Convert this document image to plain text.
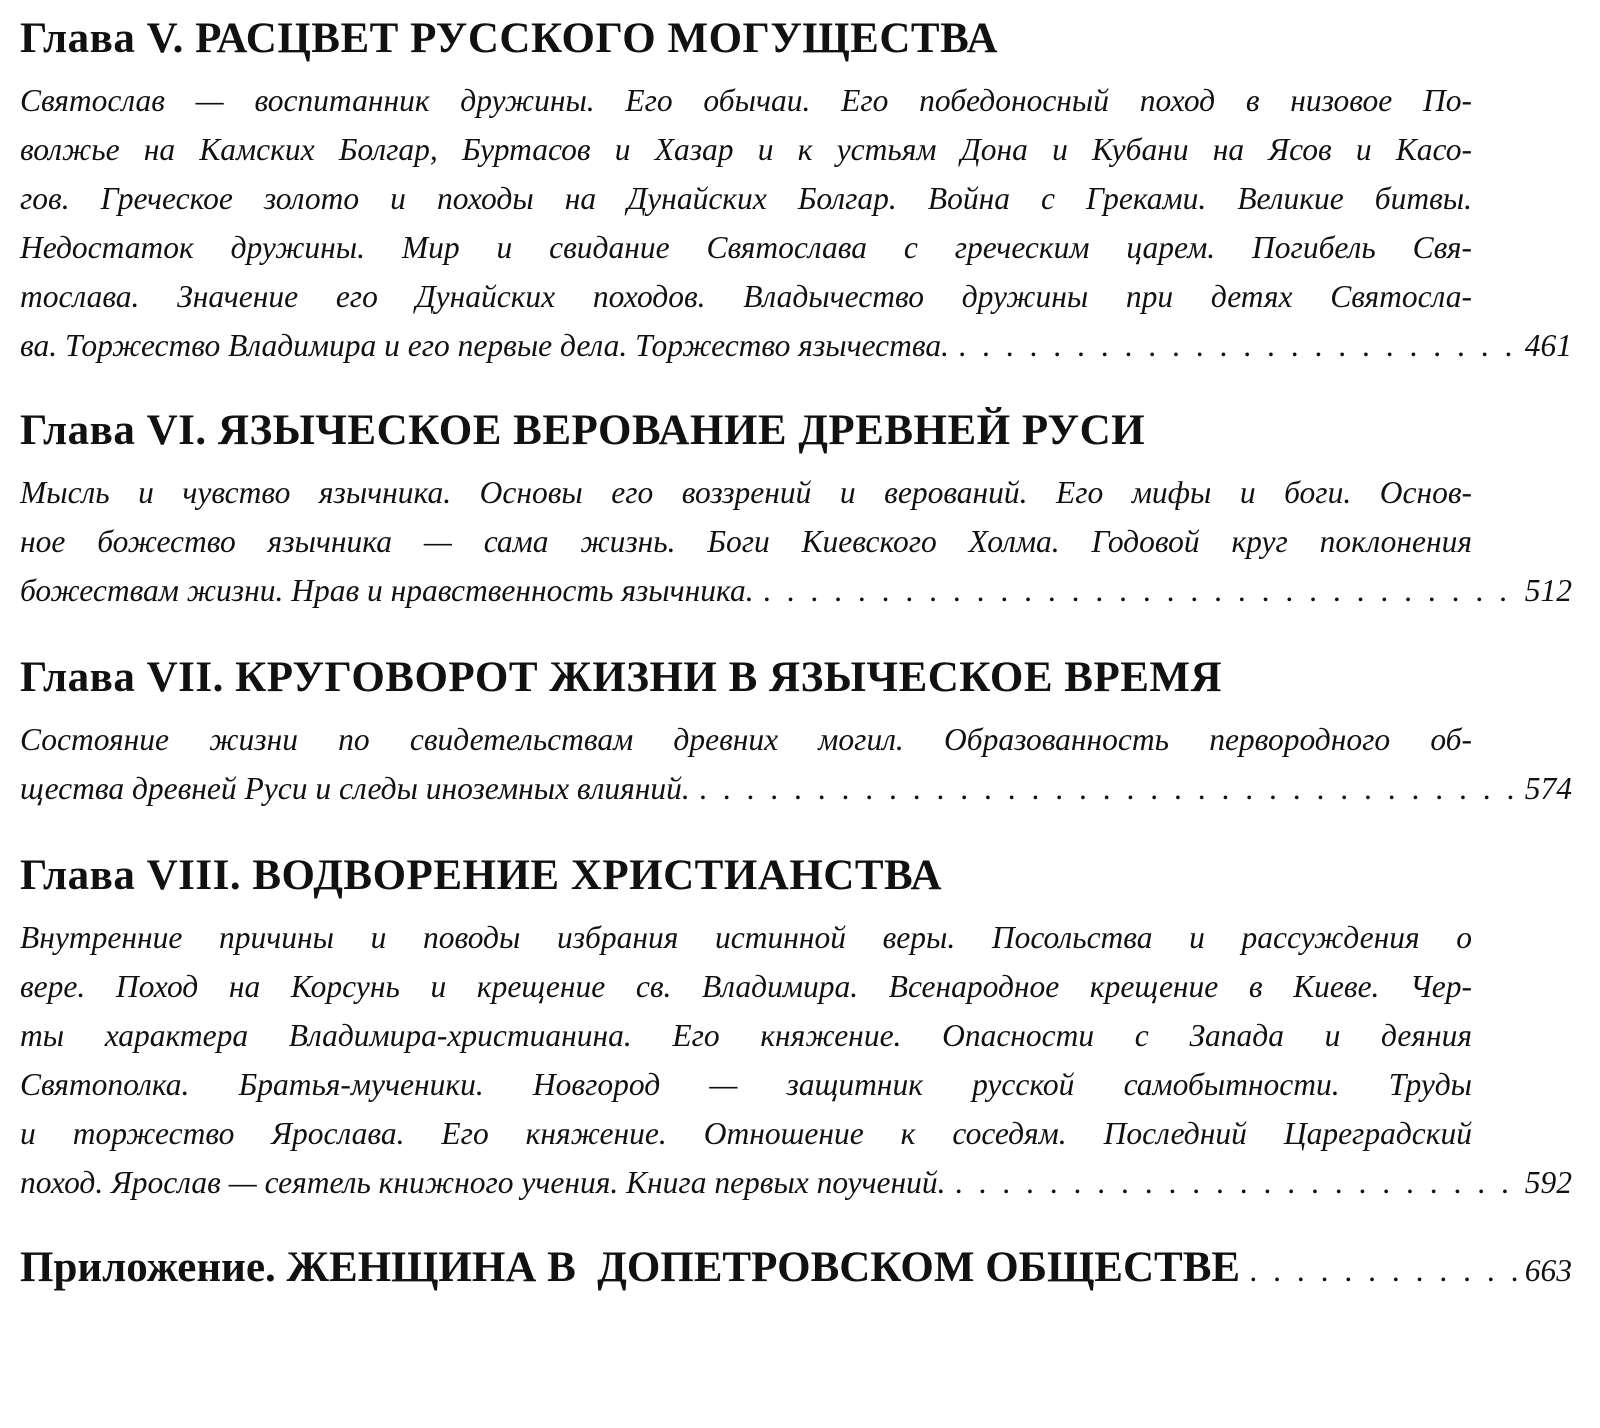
Глава V. РАСЦВЕТ РУССКОГО МОГУЩЕСТВА
Святослав — воспитанник дружины. Его обычаи. Его победоносный поход в низовое По-
волжье на Камских Болгар, Буртасов и Хазар и к устьям Дона и Кубани на Ясов и Касо-
гов. Греческое золото и походы на Дунайских Болгар. Война с Греками. Великие битвы.
Недостаток дружины. Мир и свидание Святослава с греческим царем. Погибель Свя-
тослава. Значение его Дунайских походов. Владычество дружины при детях Святосла-
ва. Торжество Владимира и его первые дела. Торжество язычества. . . .	461
Глава VI. ЯЗЫЧЕСКОЕ ВЕРОВАНИЕ ДРЕВНЕЙ РУСИ
Мысль и чувство язычника. Основы его воззрений и верований. Его мифы и боги. Основ-
ное божество язычника — сама жизнь. Боги Киевского Холма. Годовой круг поклонения
божествам жизни. Нрав и нравственность язычника. . . .	512
Глава VII. КРУГОВОРОТ ЖИЗНИ В ЯЗЫЧЕСКОЕ ВРЕМЯ
Состояние жизни по свидетельствам древних могил. Образованность первородного об-
щества древней Руси и следы иноземных влияний. . . .	574
Глава VIII. ВОДВОРЕНИЕ ХРИСТИАНСТВА
Внутренние причины и поводы избрания истинной веры. Посольства и рассуждения о
вере. Поход на Корсунь и крещение св. Владимира. Всенародное крещение в Киеве. Чер-
ты характера Владимира-христианина. Его княжение. Опасности с Запада и деяния
Святополка. Братья-мученики. Новгород — защитник русской самобытности. Труды
и торжество Ярослава. Его княжение. Отношение к соседям. Последний Цареградский
поход. Ярослав — сеятель книжного учения. Книга первых поучений. . . .	592
Приложение. ЖЕНЩИНА В  ДОПЕТРОВСКОМ ОБЩЕСТВЕ . . .	663
